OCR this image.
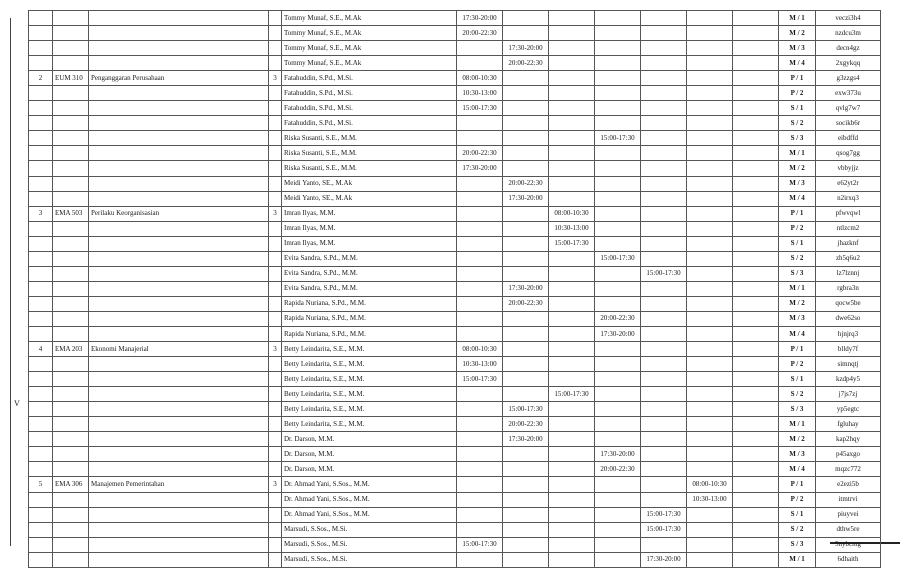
V
				Tommy Munaf, S.E., M.Ak	17:30-20:00							M / 1	veczi3h4
				Tommy Munaf, S.E., M.Ak	20:00-22:30							M / 2	nzdcu3m
				Tommy Munaf, S.E., M.Ak		17:30-20:00						M / 3	decn4gz
				Tommy Munaf, S.E., M.Ak		20:00-22:30						M / 4	2xgykqq
2	EUM 310	Penganggaran Perusahaan	3	Fatahuddin, S.Pd., M.Si.	08:00-10:30							P / 1	g3zzgs4
				Fatahuddin, S.Pd., M.Si.	10:30-13:00							P / 2	exw373u
				Fatahuddin, S.Pd., M.Si.	15:00-17:30							S / 1	qvlg7w7
				Fatahuddin, S.Pd., M.Si.								S / 2	socikb6r
				Riska Susanti, S.E., M.M.				15:00-17:30				S / 3	eibdffd
				Riska Susanti, S.E., M.M.	20:00-22:30							M / 1	qsog7gg
				Riska Susanti, S.E., M.M.	17:30-20:00							M / 2	vbbyjjz
				Meidi Yanto, SE., M.Ak		20:00-22:30						M / 3	e62yt2r
				Meidi Yanto, SE., M.Ak		17:30-20:00						M / 4	n2irxq3
3	EMA 503	Perilaku Keorganisasian	3	Imran Ilyas, M.M.			08:00-10:30					P / 1	pfwvqwl
				Imran Ilyas, M.M.			10:30-13:00					P / 2	ntlzcm2
				Imran Ilyas, M.M.			15:00-17:30					S / 1	jhazknf
				Evita Sandra, S.Pd., M.M.				15:00-17:30				S / 2	zh5q6u2
				Evita Sandra, S.Pd., M.M.					15:00-17:30			S / 3	lz7lznnj
				Evita Sandra, S.Pd., M.M.		17:30-20:00						M / 1	rgbra3n
				Rapida Nuriana, S.Pd., M.M.		20:00-22:30						M / 2	qocw5be
				Rapida Nuriana, S.Pd., M.M.				20:00-22:30				M / 3	dwe62so
				Rapida Nuriana, S.Pd., M.M.				17:30-20:00				M / 4	hjnjrq3
4	EMA 203	Ekonomi Manajerial	3	Betty Leindarita, S.E., M.M.	08:00-10:30							P / 1	blldy7f
				Betty Leindarita, S.E., M.M.	10:30-13:00							P / 2	simnqtj
				Betty Leindarita, S.E., M.M.	15:00-17:30							S / 1	kzdp4y5
				Betty Leindarita, S.E., M.M.			15:00-17:30					S / 2	j7js7zj
				Betty Leindarita, S.E., M.M.		15:00-17:30						S / 3	yp5egtc
				Betty Leindarita, S.E., M.M.		20:00-22:30						M / 1	fgluhay
				Dr. Darson, M.M.		17:30-20:00						M / 2	kap2hqy
				Dr. Darson, M.M.				17:30-20:00				M / 3	p45axgo
				Dr. Darson, M.M.				20:00-22:30				M / 4	mqzc772
5	EMA 306	Manajemen Pemerintahan	3	Dr. Ahmad Yani, S.Sos., M.M.						08:00-10:30		P / 1	e2ezi5b
				Dr. Ahmad Yani, S.Sos., M.M.						10:30-13:00		P / 2	itmtrvi
				Dr. Ahmad Yani, S.Sos., M.M.					15:00-17:30			S / 1	piuyvei
				Marsudi, S.Sos., M.Si.					15:00-17:30			S / 2	dthw5re
				Marsudi, S.Sos., M.Si.	15:00-17:30							S / 3	5nybcmg
				Marsudi, S.Sos., M.Si.					17:30-20:00			M / 1	6dhaith
